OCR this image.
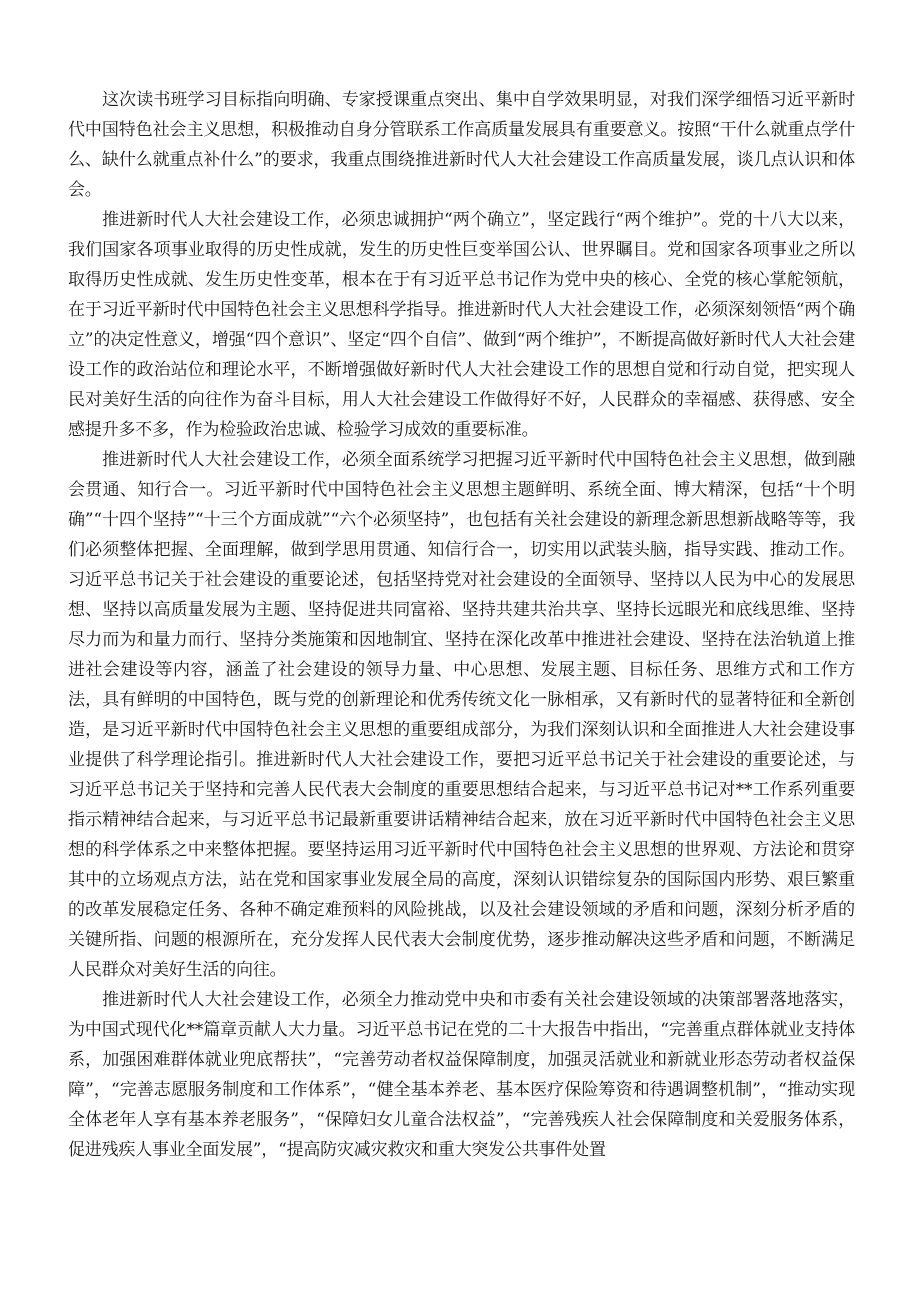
这次读书班学习目标指向明确、专家授课重点突出、集中自学效果明显，对我们深学细悟习近平新时代中国特色社会主义思想，积极推动自身分管联系工作高质量发展具有重要意义。按照“干什么就重点学什么、缺什么就重点补什么”的要求，我重点围绕推进新时代人大社会建设工作高质量发展，谈几点认识和体会。

推进新时代人大社会建设工作，必须忠诚拥护“两个确立”，坚定践行“两个维护”。党的十八大以来，我们国家各项事业取得的历史性成就，发生的历史性巨变举国公认、世界瞩目。党和国家各项事业之所以取得历史性成就、发生历史性变革，根本在于有习近平总书记作为党中央的核心、全党的核心掌舵领航，在于习近平新时代中国特色社会主义思想科学指导。推进新时代人大社会建设工作，必须深刻领悟“两个确立”的决定性意义，增强“四个意识”、坚定“四个自信”、做到“两个维护”，不断提高做好新时代人大社会建设工作的政治站位和理论水平，不断增强做好新时代人大社会建设工作的思想自觉和行动自觉，把实现人民对美好生活的向往作为奋斗目标，用人大社会建设工作做得好不好，人民群众的幸福感、获得感、安全感提升多不多，作为检验政治忠诚、检验学习成效的重要标准。

推进新时代人大社会建设工作，必须全面系统学习把握习近平新时代中国特色社会主义思想，做到融会贯通、知行合一。习近平新时代中国特色社会主义思想主题鲜明、系统全面、博大精深，包括“十个明确”“十四个坚持”“十三个方面成就”“六个必须坚持”，也包括有关社会建设的新理念新思想新战略等等，我们必须整体把握、全面理解，做到学思用贯通、知信行合一，切实用以武装头脑，指导实践、推动工作。习近平总书记关于社会建设的重要论述，包括坚持党对社会建设的全面领导、坚持以人民为中心的发展思想、坚持以高质量发展为主题、坚持促进共同富裕、坚持共建共治共享、坚持长远眼光和底线思维、坚持尽力而为和量力而行、坚持分类施策和因地制宜、坚持在深化改革中推进社会建设、坚持在法治轨道上推进社会建设等内容，涵盖了社会建设的领导力量、中心思想、发展主题、目标任务、思维方式和工作方法，具有鲜明的中国特色，既与党的创新理论和优秀传统文化一脉相承，又有新时代的显著特征和全新创造，是习近平新时代中国特色社会主义思想的重要组成部分，为我们深刻认识和全面推进人大社会建设事业提供了科学理论指引。推进新时代人大社会建设工作，要把习近平总书记关于社会建设的重要论述，与习近平总书记关于坚持和完善人民代表大会制度的重要思想结合起来，与习近平总书记对**工作系列重要指示精神结合起来，与习近平总书记最新重要讲话精神结合起来，放在习近平新时代中国特色社会主义思想的科学体系之中来整体把握。要坚持运用习近平新时代中国特色社会主义思想的世界观、方法论和贯穿其中的立场观点方法，站在党和国家事业发展全局的高度，深刻认识错综复杂的国际国内形势、艰巨繁重的改革发展稳定任务、各种不确定难预料的风险挑战，以及社会建设领域的矛盾和问题，深刻分析矛盾的关键所指、问题的根源所在，充分发挥人民代表大会制度优势，逐步推动解决这些矛盾和问题，不断满足人民群众对美好生活的向往。

推进新时代人大社会建设工作，必须全力推动党中央和市委有关社会建设领域的决策部署落地落实，为中国式现代化**篇章贡献人大力量。习近平总书记在党的二十大报告中指出，“完善重点群体就业支持体系，加强困难群体就业兜底帮扶”，“完善劳动者权益保障制度，加强灵活就业和新就业形态劳动者权益保障”，“完善志愿服务制度和工作体系”，“健全基本养老、基本医疗保险筹资和待遇调整机制”，“推动实现全体老年人享有基本养老服务”，“保障妇女儿童合法权益”，“完善残疾人社会保障制度和关爱服务体系，促进残疾人事业全面发展”，“提高防灾减灾救灾和重大突发公共事件处置
